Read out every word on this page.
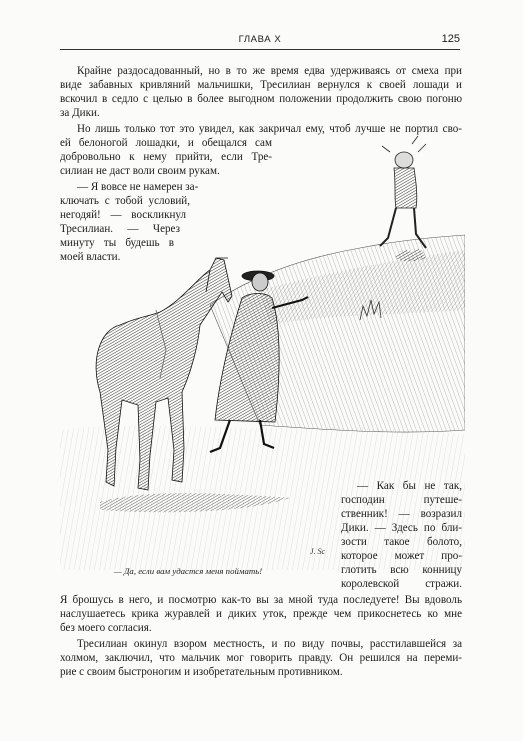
ГЛАВА X	125
Крайне раздосадованный, но в то же время едва удерживаясь от смеха при
виде забавных кривляний мальчишки, Тресилиан вернулся к своей лошади и
вскочил в седло с целью в более выгодном положении продолжить свою погоню
за Дики.
Но лишь только тот это увидел, как закричал ему, чтоб лучше не портил сво-
ей белоногой лошадки, и обещался сам
добровольно к нему прийти, если Тре-
силиан не даст воли своим рукам.
J. Sc
— Я вовсе не намерен за-
ключать с тобой условий,
негодяй! — воскликнул
Тресилиан. — Через
минуту ты будешь в
моей власти.
— Как бы не так,
господин путеше-
ственник! — возразил
Дики. — Здесь по бли-
зости такое болото,
которое может про-
глотить всю конницу
королевской стражи.
— Да, если вам удастся меня поймать!
Я брошусь в него, и посмотрю как-то вы за мной туда последуете! Вы вдоволь
наслушаетесь крика журавлей и диких уток, прежде чем прикоснетесь ко мне
без моего согласия.
Тресилиан окинул взором местность, и по виду почвы, расстилавшейся за
холмом, заключил, что мальчик мог говорить правду. Он решился на переми-
рие с своим быстроногим и изобретательным противником.
